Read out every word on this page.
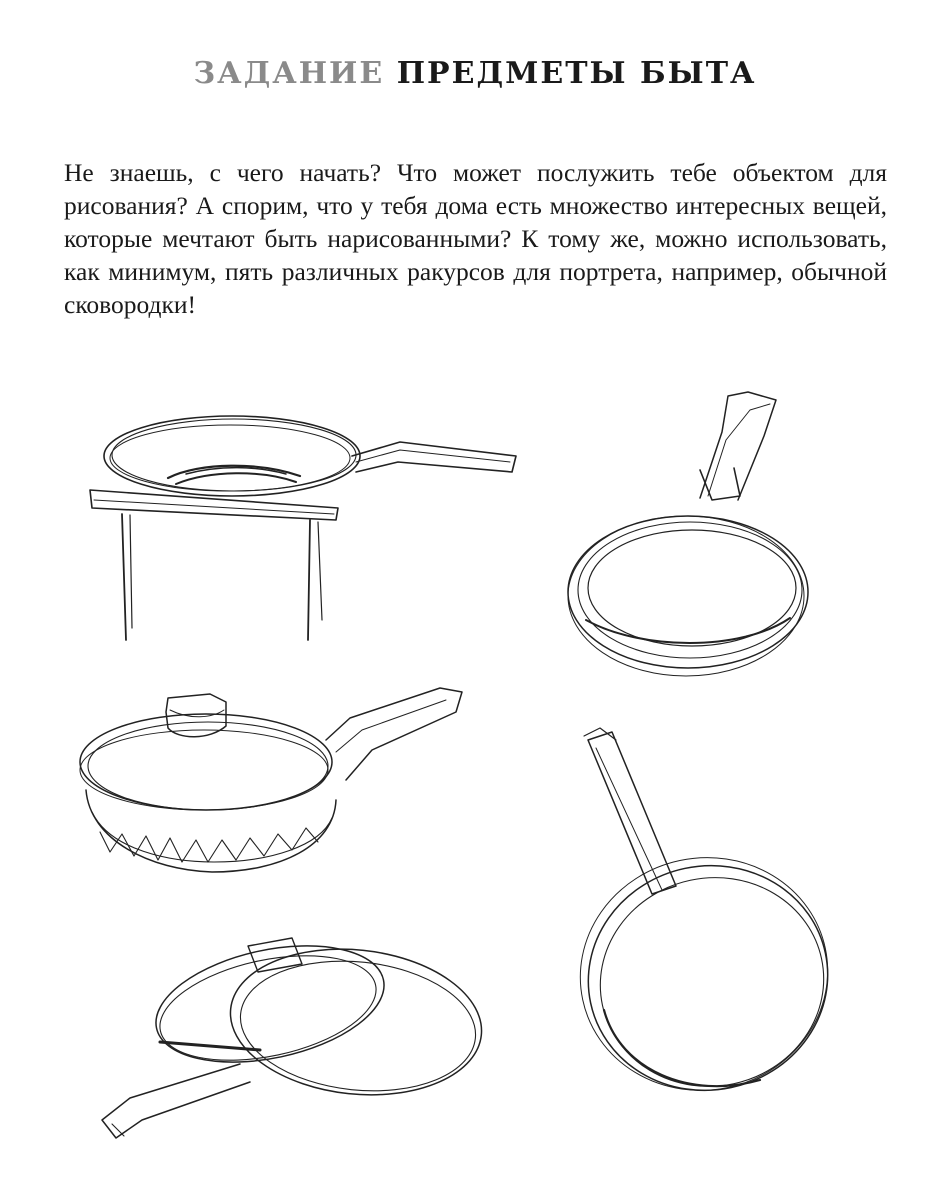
ЗАДАНИЕ ПРЕДМЕТЫ БЫТА

Не знаешь, с чего начать? Что может послужить тебе объектом для рисования? А спорим, что у тебя дома есть множество интересных вещей, которые мечтают быть нарисованными? К тому же, можно использовать, как минимум, пять различных ракурсов для портрета, например, обычной сковородки!
